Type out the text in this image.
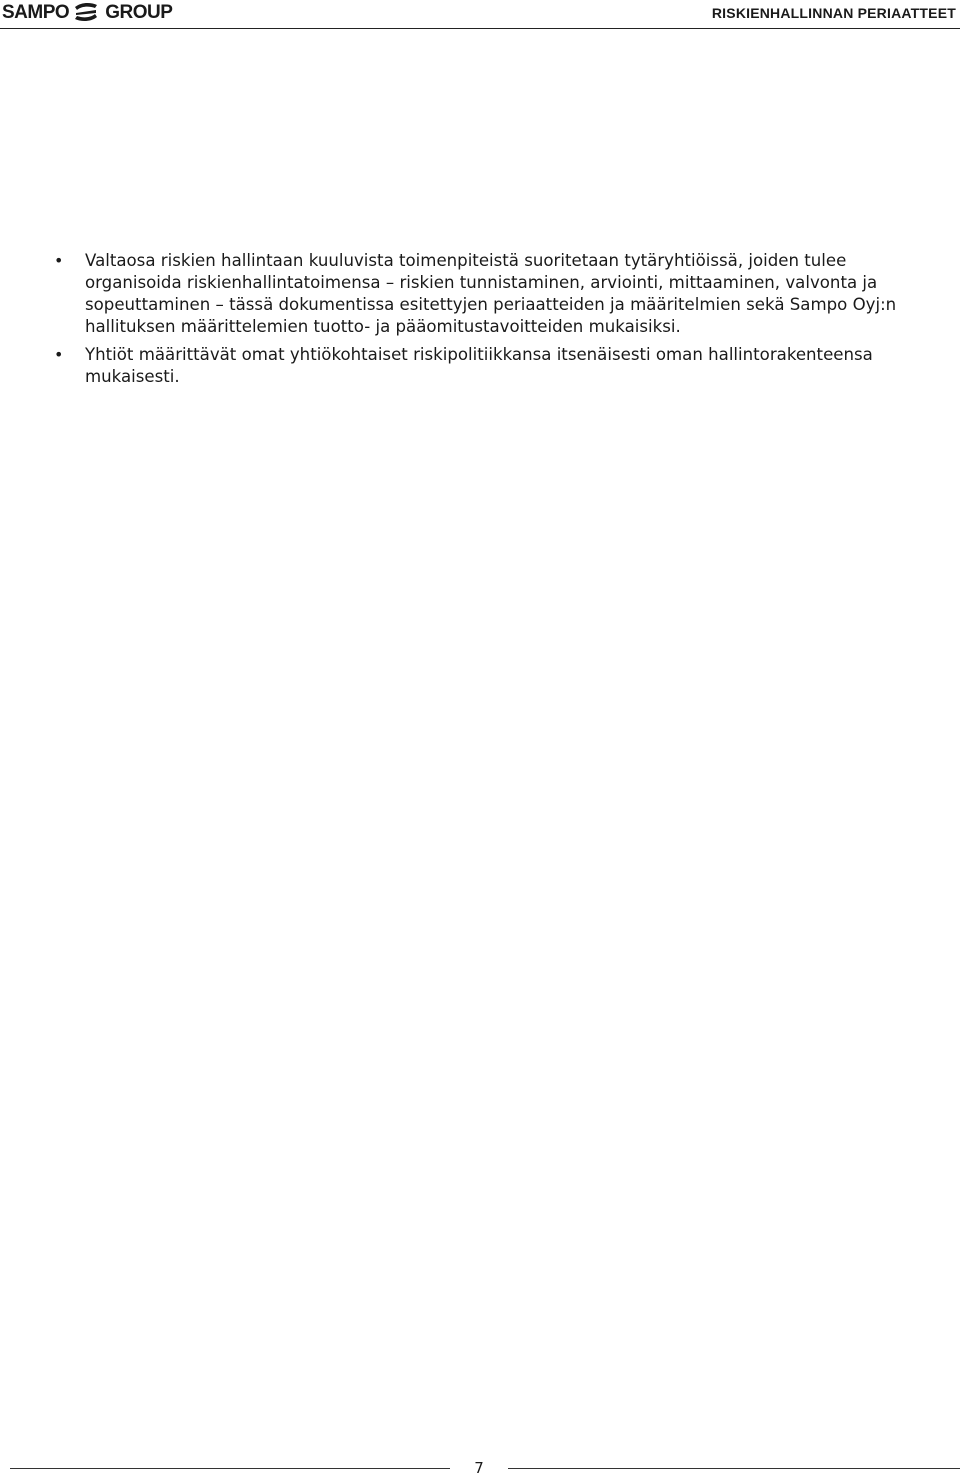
SAMPO GROUP	RISKIENHALLINNAN PERIAATTEET
• Valtaosa riskien hallintaan kuuluvista toimenpiteistä suoritetaan tytäryhtiöissä, joiden tulee organisoida riskienhallintatoimensa – riskien tunnistaminen, arviointi, mittaaminen, valvonta ja sopeuttaminen – tässä dokumentissa esitettyjen periaatteiden ja määritelmien sekä Sampo Oyj:n hallituksen määrittelemien tuotto- ja pääomitustavoitteiden mukaisiksi.
• Yhtiöt määrittävät omat yhtiökohtaiset riskipolitiikkansa itsenäisesti oman hallintorakenteensa mukaisesti.
7
